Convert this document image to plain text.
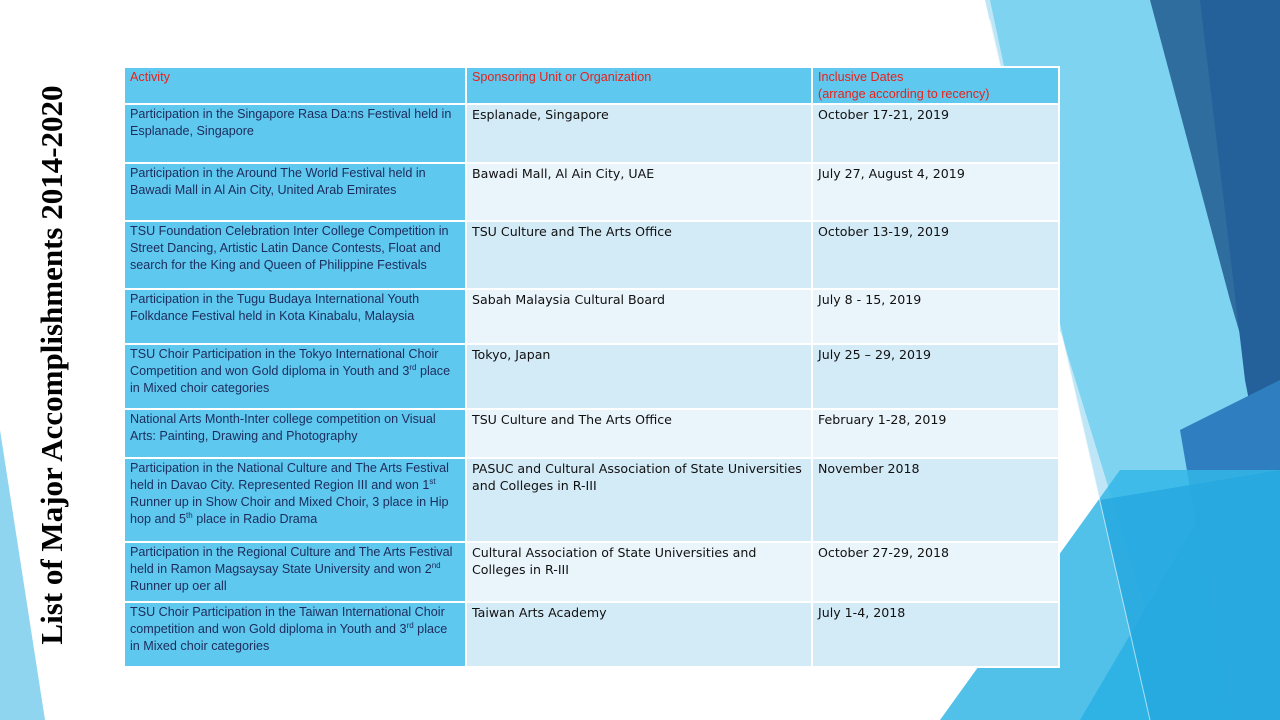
List of Major Accomplishments 2014-2020
Activity	Sponsoring Unit or Organization	Inclusive Dates
(arrange according to recency)
Participation in the Singapore Rasa Da:ns Festival held in Esplanade, Singapore	Esplanade, Singapore	October 17-21, 2019
Participation in the Around The World Festival held in Bawadi Mall in Al Ain City, United Arab Emirates	Bawadi Mall, Al Ain City, UAE	July 27, August 4, 2019
TSU Foundation Celebration Inter College Competition in Street Dancing, Artistic Latin Dance Contests, Float and search for the King and Queen of Philippine Festivals	TSU Culture and The Arts Office	October 13-19, 2019
Participation in the Tugu Budaya International Youth Folkdance Festival held in Kota Kinabalu, Malaysia	Sabah Malaysia Cultural Board	July 8 - 15, 2019
TSU Choir Participation in the Tokyo International Choir Competition and won Gold diploma in Youth and 3rd place in Mixed choir categories	Tokyo, Japan	July 25 – 29, 2019
National Arts Month-Inter college competition on Visual Arts: Painting, Drawing and Photography	TSU Culture and The Arts Office	February 1-28, 2019
Participation in the National Culture and The Arts Festival held in Davao City. Represented Region III and won 1st Runner up in Show Choir and Mixed Choir, 3 place in Hip hop and 5th place in Radio Drama	PASUC and Cultural Association of State Universities and Colleges in R-III	November 2018
Participation in the Regional Culture and The Arts Festival held in Ramon Magsaysay State University and won 2nd Runner up oer all	Cultural Association of State Universities and Colleges in R-III	October 27-29, 2018
TSU Choir Participation in the Taiwan International Choir competition and won Gold diploma in Youth and 3rd place in Mixed choir categories	Taiwan Arts Academy	July 1-4, 2018
